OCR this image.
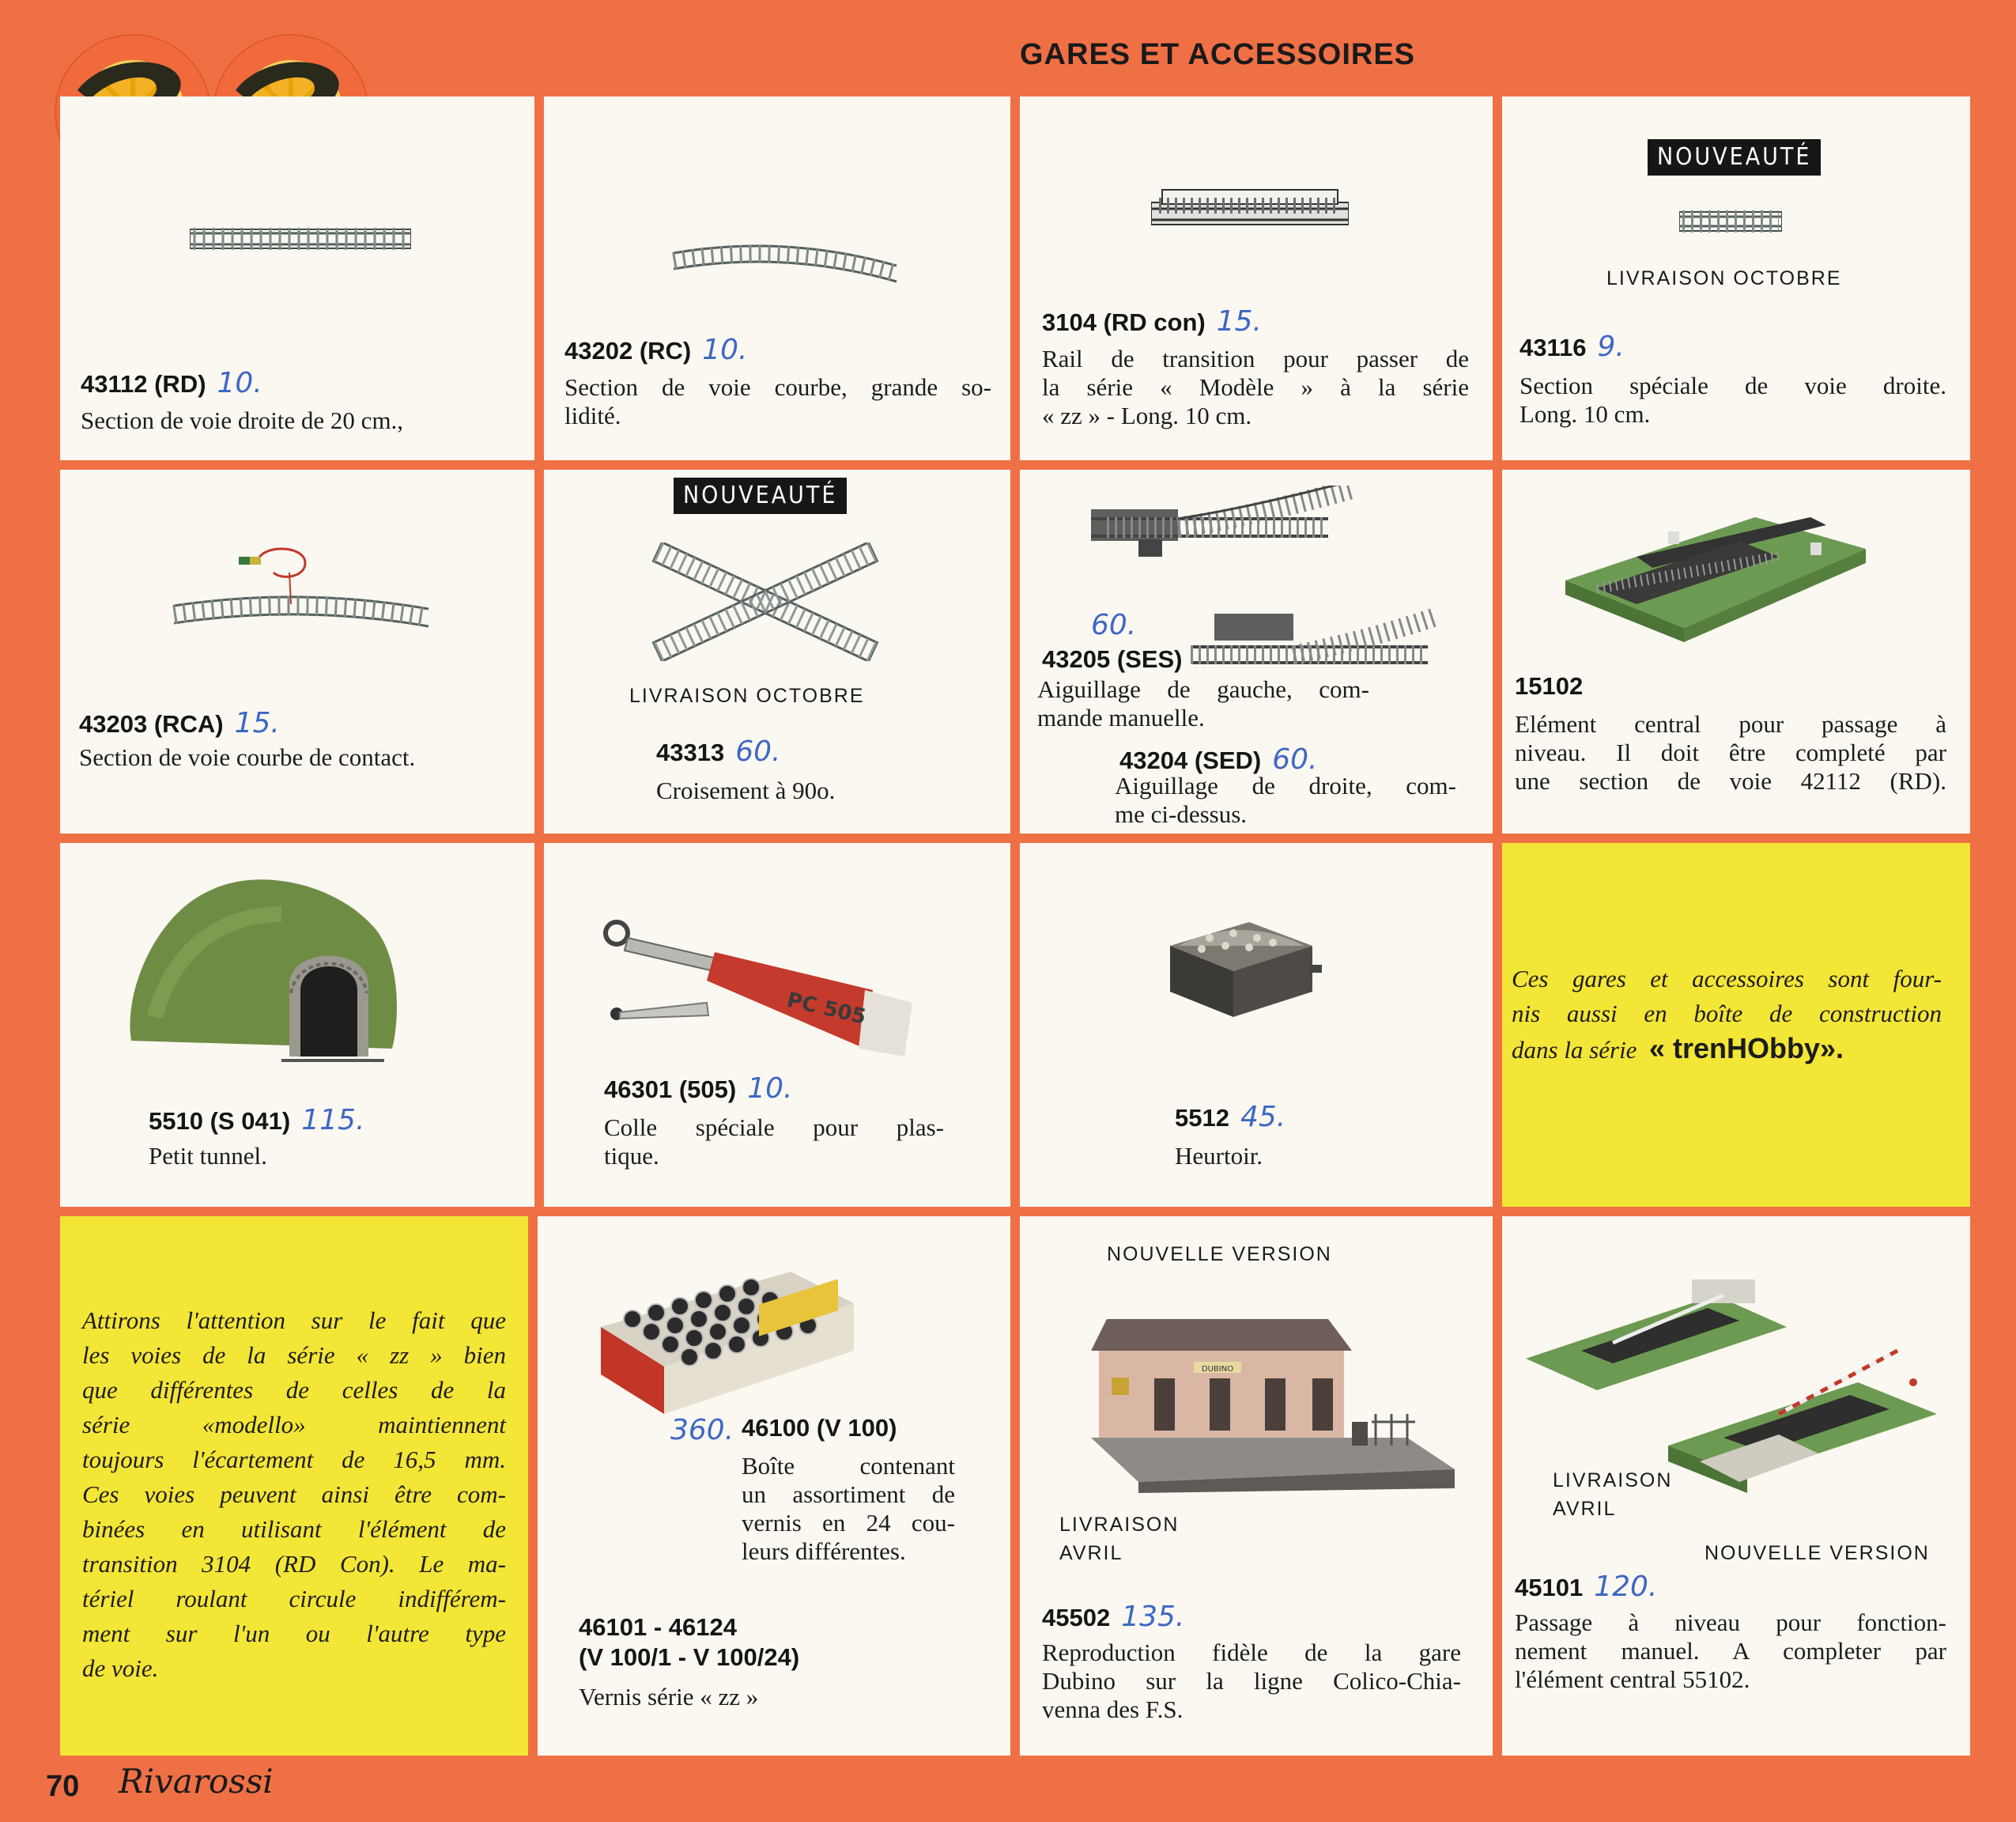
GARES ET ACCESSOIRES
43112 (RD) 10.
Section de voie droite de 20 cm.,
43202 (RC) 10.
Section de voie courbe, grande so-
lidité.
3104 (RD con) 15.
Rail de transition pour passer de
la série « Modèle » à la série
« zz » - Long. 10 cm.
NOUVEAUTÉ
LIVRAISON OCTOBRE
43116 9.
Section spéciale de voie droite.
Long. 10 cm.
43203 (RCA) 15.
Section de voie courbe de contact.
NOUVEAUTÉ
LIVRAISON OCTOBRE
43313 60.
Croisement à 90o.
60.
43205 (SES)
Aiguillage de gauche, com-
mande manuelle.
43204 (SED) 60.
Aiguillage de droite, com-
me ci-dessus.
15102
Elément central pour passage à
niveau. Il doit être completé par
une section de voie 42112 (RD).
5510 (S 041) 115.
Petit tunnel.
PC 505
46301 (505) 10.
Colle spéciale pour plas-
tique.
5512 45.
Heurtoir.
Ces gares et accessoires sont four-
nis aussi en boîte de construction
dans la série « trenHObby».
Attirons l'attention sur le fait que
les voies de la série « zz » bien
que différentes de celles de la
série «modello» maintiennent
toujours l'écartement de 16,5 mm.
Ces voies peuvent ainsi être com-
binées en utilisant l'élément de
transition 3104 (RD Con). Le ma-
tériel roulant circule indifférem-
ment sur l'un ou l'autre type
de voie.
360. 46100 (V 100)
Boîte contenant
un assortiment de
vernis en 24 cou-
leurs différentes.
46101 - 46124
(V 100/1 - V 100/24)
Vernis série « zz »
NOUVELLE VERSION
DUBINO
LIVRAISON
AVRIL
45502 135.
Reproduction fidèle de la gare
Dubino sur la ligne Colico-Chia-
venna des F.S.
LIVRAISON
AVRIL
NOUVELLE VERSION
45101 120.
Passage à niveau pour fonction-
nement manuel. A completer par
l'élément central 55102.
70 Rivarossi
